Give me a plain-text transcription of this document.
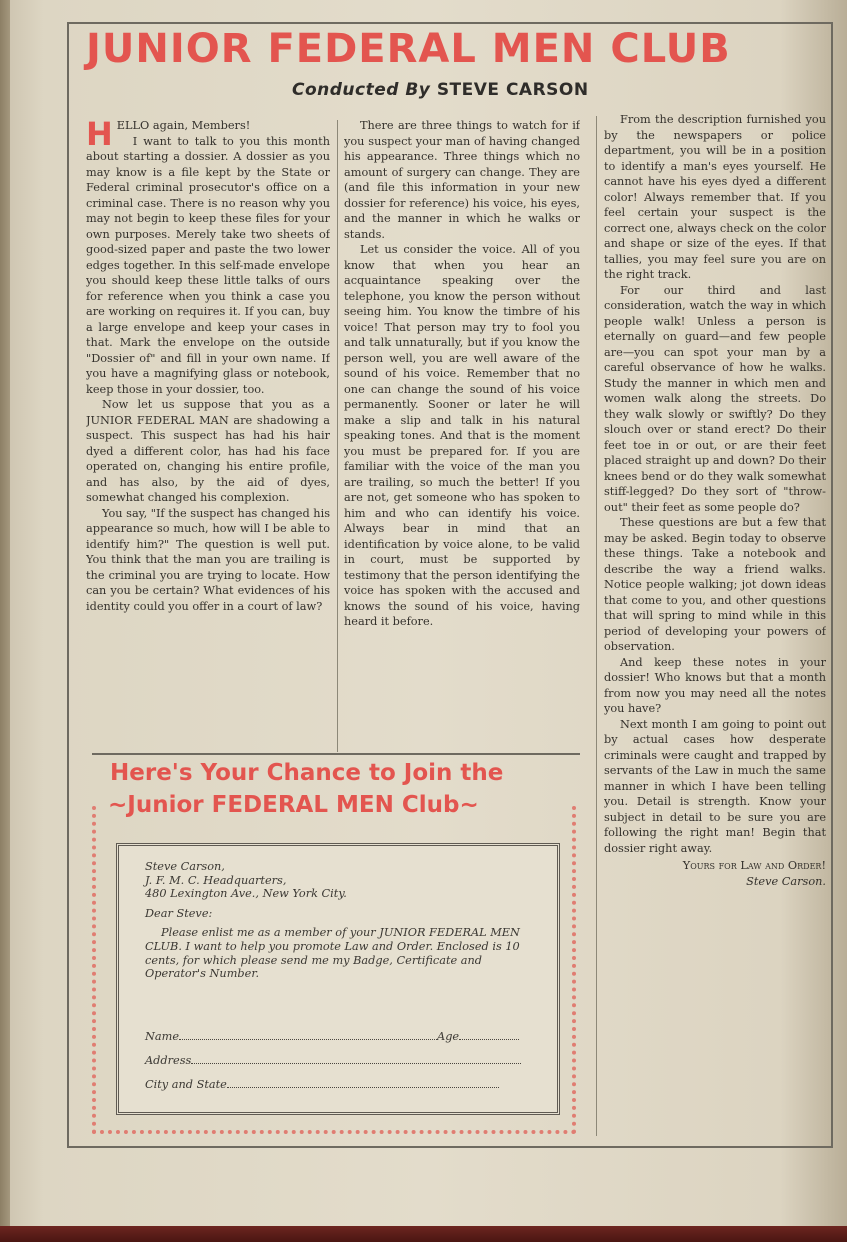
JUNIOR FEDERAL MEN CLUB
Conducted By STEVE CARSON

HELLO again, Members!

I want to talk to you this month about starting a dossier. A dossier as you may know is a file kept by the State or Federal criminal prosecutor's office on a criminal case. There is no reason why you may not begin to keep these files for your own purposes. Merely take two sheets of good-sized paper and paste the two lower edges together. In this self-made envelope you should keep these little talks of ours for reference when you think a case you are working on requires it. If you can, buy a large envelope and keep your cases in that. Mark the envelope on the outside "Dossier of" and fill in your own name. If you have a magnifying glass or notebook, keep those in your dossier, too.

Now let us suppose that you as a JUNIOR FEDERAL MAN are shadowing a suspect. This suspect has had his hair dyed a different color, has had his face operated on, changing his entire profile, and has also, by the aid of dyes, somewhat changed his complexion.

You say, "If the suspect has changed his appearance so much, how will I be able to identify him?" The question is well put. You think that the man you are trailing is the criminal you are trying to locate. How can you be certain? What evidences of his identity could you offer in a court of law?

There are three things to watch for if you suspect your man of having changed his appearance. Three things which no amount of surgery can change. They are (and file this information in your new dossier for reference) his voice, his eyes, and the manner in which he walks or stands.

Let us consider the voice. All of you know that when you hear an acquaintance speaking over the telephone, you know the person without seeing him. You know the timbre of his voice! That person may try to fool you and talk unnaturally, but if you know the person well, you are well aware of the sound of his voice. Remember that no one can change the sound of his voice permanently. Sooner or later he will make a slip and talk in his natural speaking tones. And that is the moment you must be prepared for. If you are familiar with the voice of the man you are trailing, so much the better! If you are not, get someone who has spoken to him and who can identify his voice. Always bear in mind that an identification by voice alone, to be valid in court, must be supported by testimony that the person identifying the voice has spoken with the accused and knows the sound of his voice, having heard it before.

From the description furnished you by the newspapers or police department, you will be in a position to identify a man's eyes yourself. He cannot have his eyes dyed a different color! Always remember that. If you feel certain your suspect is the correct one, always check on the color and shape or size of the eyes. If that tallies, you may feel sure you are on the right track.

For our third and last consideration, watch the way in which people walk! Unless a person is eternally on guard—and few people are—you can spot your man by a careful observance of how he walks. Study the manner in which men and women walk along the streets. Do they walk slowly or swiftly? Do they slouch over or stand erect? Do their feet toe in or out, or are their feet placed straight up and down? Do their knees bend or do they walk somewhat stiff-legged? Do they sort of "throw-out" their feet as some people do?

These questions are but a few that may be asked. Begin today to observe these things. Take a notebook and describe the way a friend walks. Notice people walking; jot down ideas that come to you, and other questions that will spring to mind while in this period of developing your powers of observation.

And keep these notes in your dossier! Who knows but that a month from now you may need all the notes you have?

Next month I am going to point out by actual cases how desperate criminals were caught and trapped by servants of the Law in much the same manner in which I have been telling you. Detail is strength. Know your subject in detail to be sure you are following the right man! Begin that dossier right away.

Yours for Law and Order!

Steve Carson.

Here's Your Chance to Join the
~Junior FEDERAL MEN Club~
Steve Carson,
J. F. M. C. Headquarters,
480 Lexington Ave., New York City.
Dear Steve:
Please enlist me as a member of your JUNIOR FEDERAL MEN CLUB. I want to help you promote Law and Order. Enclosed is 10 cents, for which please send me my Badge, Certificate and Operator's Number.
Name	Age
Address
City and State
